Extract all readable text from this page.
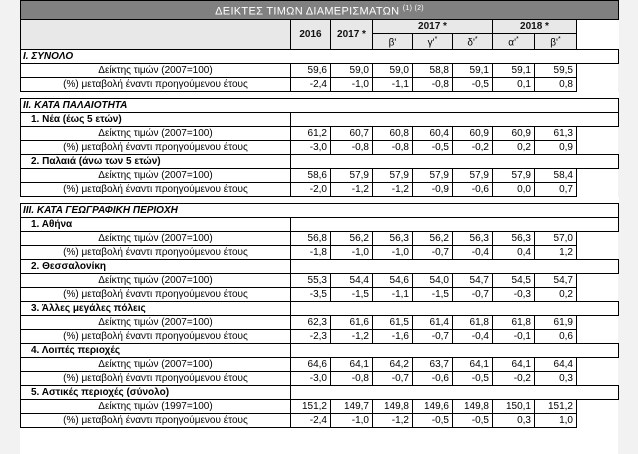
ΔΕΙΚΤΕΣ ΤΙΜΩΝ ΔΙΑΜΕΡΙΣΜΑΤΩΝ $^{(1) (2)}$
	2016	2017 *	2017 *			2018 *		
			β'	γ'*	δ'*	α'*	β'*
I. ΣΥΝΟΛΟ								
Δείκτης τιμών (2007=100)	59,6	59,0	59,0	58,8	59,1	59,1	59,5	
(%) μεταβολή έναντι προηγούμενου έτους	-2,4	-1,0	-1,1	-0,8	-0,5	0,1	0,8	

II. ΚΑΤΑ ΠΑΛΑΙΟΤΗΤΑ								
1. Νέα (έως 5 ετών)								
Δείκτης τιμών (2007=100)	61,2	60,7	60,8	60,4	60,9	60,9	61,3	
(%) μεταβολή έναντι προηγούμενου έτους	-3,0	-0,8	-0,8	-0,5	-0,2	0,2	0,9	
2. Παλαιά (άνω των 5 ετών)								
Δείκτης τιμών (2007=100)	58,6	57,9	57,9	57,9	57,9	57,9	58,4	
(%) μεταβολή έναντι προηγούμενου έτους	-2,0	-1,2	-1,2	-0,9	-0,6	0,0	0,7	

III. ΚΑΤΑ ΓΕΩΓΡΑΦΙΚΗ ΠΕΡΙΟΧΗ								
1. Αθήνα								
Δείκτης τιμών (2007=100)	56,8	56,2	56,3	56,2	56,3	56,3	57,0	
(%) μεταβολή έναντι προηγούμενου έτους	-1,8	-1,0	-1,0	-0,7	-0,4	0,4	1,2	
2. Θεσσαλονίκη								
Δείκτης τιμών (2007=100)	55,3	54,4	54,6	54,0	54,7	54,5	54,7	
(%) μεταβολή έναντι προηγούμενου έτους	-3,5	-1,5	-1,1	-1,5	-0,7	-0,3	0,2	
3. Άλλες μεγάλες πόλεις								
Δείκτης τιμών (2007=100)	62,3	61,6	61,5	61,4	61,8	61,8	61,9	
(%) μεταβολή έναντι προηγούμενου έτους	-2,3	-1,2	-1,6	-0,7	-0,4	-0,1	0,6	
4. Λοιπές περιοχές								
Δείκτης τιμών (2007=100)	64,6	64,1	64,2	63,7	64,1	64,1	64,4	
(%) μεταβολή έναντι προηγούμενου έτους	-3,0	-0,8	-0,7	-0,6	-0,5	-0,2	0,3	
5. Αστικές περιοχές (σύνολο)								
Δείκτης τιμών (1997=100)	151,2	149,7	149,8	149,6	149,8	150,1	151,2	
(%) μεταβολή έναντι προηγούμενου έτους	-2,4	-1,0	-1,2	-0,5	-0,5	0,3	1,0	
